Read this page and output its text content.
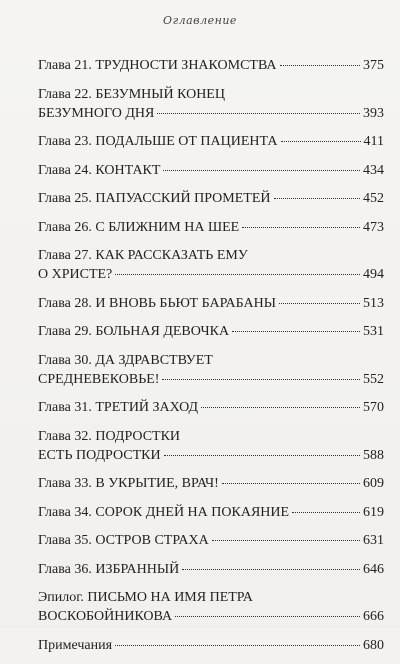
Оглавление
Глава 21. ТРУДНОСТИ ЗНАКОМСТВА	375
Глава 22. БЕЗУМНЫЙ КОНЕЦ
БЕЗУМНОГО ДНЯ	393
Глава 23. ПОДАЛЬШЕ ОТ ПАЦИЕНТА	411
Глава 24. КОНТАКТ	434
Глава 25. ПАПУАССКИЙ ПРОМЕТЕЙ	452
Глава 26. С БЛИЖНИМ НА ШЕЕ	473
Глава 27. КАК РАССКАЗАТЬ ЕМУ
О ХРИСТЕ?	494
Глава 28. И ВНОВЬ БЬЮТ БАРАБАНЫ	513
Глава 29. БОЛЬНАЯ ДЕВОЧКА	531
Глава 30. ДА ЗДРАВСТВУЕТ
СРЕДНЕВЕКОВЬЕ!	552
Глава 31. ТРЕТИЙ ЗАХОД	570
Глава 32. ПОДРОСТКИ
ЕСТЬ ПОДРОСТКИ	588
Глава 33. В УКРЫТИЕ, ВРАЧ!	609
Глава 34. СОРОК ДНЕЙ НА ПОКАЯНИЕ	619
Глава 35. ОСТРОВ СТРАХА	631
Глава 36. ИЗБРАННЫЙ	646
Эпилог. ПИСЬМО НА ИМЯ ПЕТРА
ВОСКОБОЙНИКОВА	666
Примечания	680
